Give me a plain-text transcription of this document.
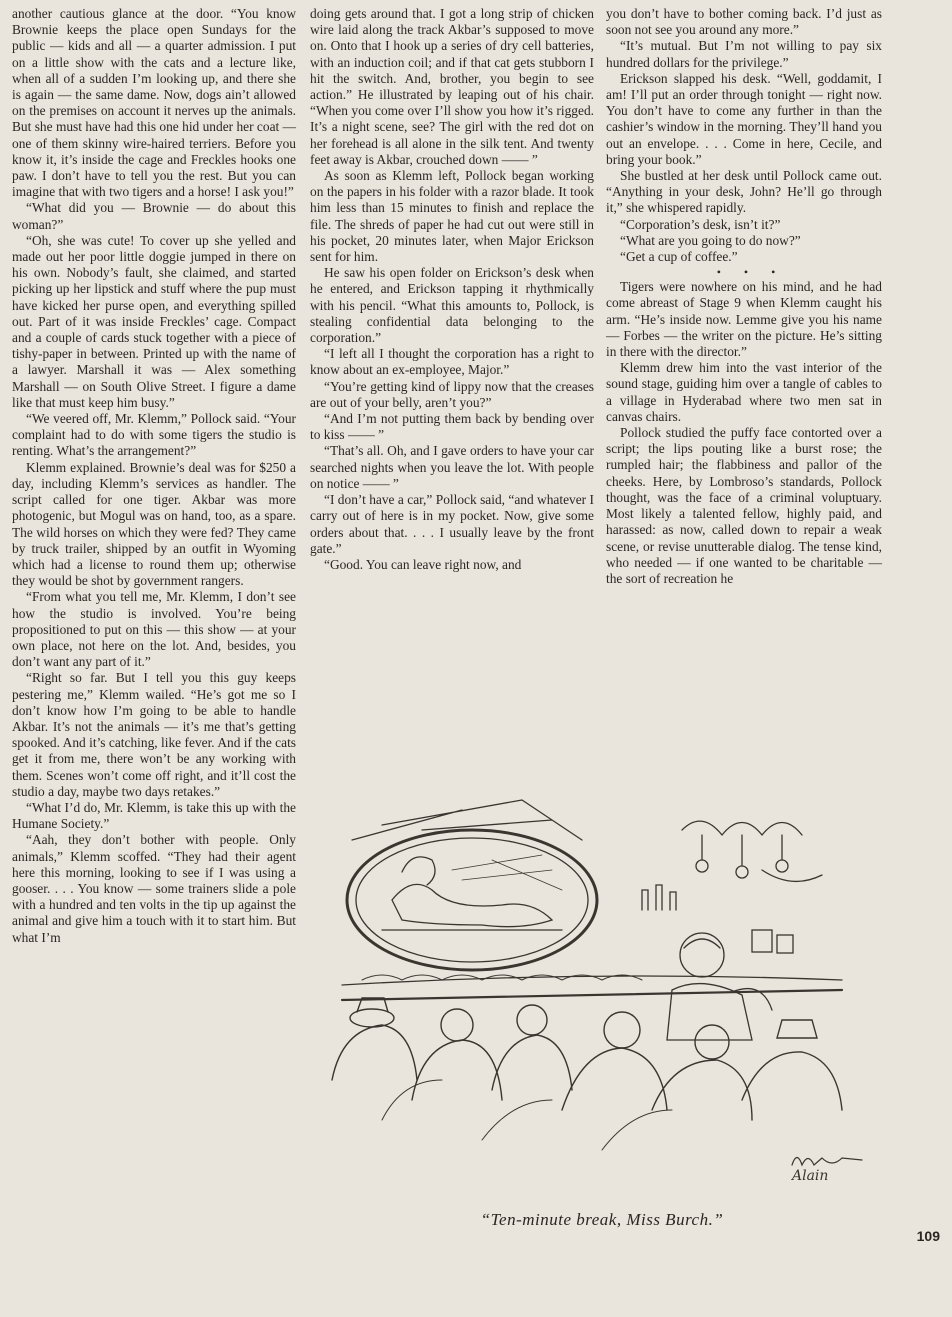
another cautious glance at the door. “You know Brownie keeps the place open Sundays for the public — kids and all — a quarter admission. I put on a little show with the cats and a lecture like, when all of a sudden I’m looking up, and there she is again — the same dame. Now, dogs ain’t allowed on the premises on account it nerves up the animals. But she must have had this one hid under her coat — one of them skinny wire-haired terriers. Before you know it, it’s inside the cage and Freckles hooks one paw. I don’t have to tell you the rest. But you can imagine that with two tigers and a horse! I ask you!”

“What did you — Brownie — do about this woman?”

“Oh, she was cute! To cover up she yelled and made out her poor little doggie jumped in there on his own. Nobody’s fault, she claimed, and started picking up her lipstick and stuff where the pup must have kicked her purse open, and everything spilled out. Part of it was inside Freckles’ cage. Compact and a couple of cards stuck together with a piece of tishy-paper in between. Printed up with the name of a lawyer. Marshall it was — Alex something Marshall — on South Olive Street. I figure a dame like that must keep him busy.”

“We veered off, Mr. Klemm,” Pollock said. “Your complaint had to do with some tigers the studio is renting. What’s the arrangement?”

Klemm explained. Brownie’s deal was for $250 a day, including Klemm’s services as handler. The script called for one tiger. Akbar was more photogenic, but Mogul was on hand, too, as a spare. The wild horses on which they were fed? They came by truck trailer, shipped by an outfit in Wyoming which had a license to round them up; otherwise they would be shot by government rangers.

“From what you tell me, Mr. Klemm, I don’t see how the studio is involved. You’re being propositioned to put on this — this show — at your own place, not here on the lot. And, besides, you don’t want any part of it.”

“Right so far. But I tell you this guy keeps pestering me,” Klemm wailed. “He’s got me so I don’t know how I’m going to be able to handle Akbar. It’s not the animals — it’s me that’s getting spooked. And it’s catching, like fever. And if the cats get it from me, there won’t be any working with them. Scenes won’t come off right, and it’ll cost the studio a day, maybe two days retakes.”

“What I’d do, Mr. Klemm, is take this up with the Humane Society.”

“Aah, they don’t bother with people. Only animals,” Klemm scoffed. “They had their agent here this morning, looking to see if I was using a gooser. . . . You know — some trainers slide a pole with a hundred and ten volts in the tip up against the animal and give him a touch with it to start him. But what I’m

doing gets around that. I got a long strip of chicken wire laid along the track Akbar’s supposed to move on. Onto that I hook up a series of dry cell batteries, with an induction coil; and if that cat gets stubborn I hit the switch. And, brother, you begin to see action.” He illustrated by leaping out of his chair. “When you come over I’ll show you how it’s rigged. It’s a night scene, see? The girl with the red dot on her forehead is all alone in the silk tent. And twenty feet away is Akbar, crouched down —— ”

As soon as Klemm left, Pollock began working on the papers in his folder with a razor blade. It took him less than 15 minutes to finish and replace the file. The shreds of paper he had cut out were still in his pocket, 20 minutes later, when Major Erickson sent for him.

He saw his open folder on Erickson’s desk when he entered, and Erickson tapping it rhythmically with his pencil. “What this amounts to, Pollock, is stealing confidential data belonging to the corporation.”

“I left all I thought the corporation has a right to know about an ex-employee, Major.”

“You’re getting kind of lippy now that the creases are out of your belly, aren’t you?”

“And I’m not putting them back by bending over to kiss —— ”

“That’s all. Oh, and I gave orders to have your car searched nights when you leave the lot. With people on notice —— ”

“I don’t have a car,” Pollock said, “and whatever I carry out of here is in my pocket. Now, give some orders about that. . . . I usually leave by the front gate.”

“Good. You can leave right now, and

you don’t have to bother coming back. I’d just as soon not see you around any more.”

“It’s mutual. But I’m not willing to pay six hundred dollars for the privilege.”

Erickson slapped his desk. “Well, goddamit, I am! I’ll put an order through tonight — right now. You don’t have to come any further in than the cashier’s window in the morning. They’ll hand you out an envelope. . . . Come in here, Cecile, and bring your book.”

She bustled at her desk until Pollock came out. “Anything in your desk, John? He’ll go through it,” she whispered rapidly.

“Corporation’s desk, isn’t it?”

“What are you going to do now?”

“Get a cup of coffee.”

• • •

Tigers were nowhere on his mind, and he had come abreast of Stage 9 when Klemm caught his arm. “He’s inside now. Lemme give you his name — Forbes — the writer on the picture. He’s sitting in there with the director.”

Klemm drew him into the vast interior of the sound stage, guiding him over a tangle of cables to a village in Hyderabad where two men sat in canvas chairs.

Pollock studied the puffy face contorted over a script; the lips pouting like a burst rose; the rumpled hair; the flabbiness and pallor of the cheeks. Here, by Lombroso’s standards, Pollock thought, was the face of a criminal voluptuary. Most likely a talented fellow, highly paid, and harassed: as now, called down to repair a weak scene, or revise unutterable dialog. The tense kind, who needed — if one wanted to be charitable — the sort of recreation he

Alain
“Ten-minute break, Miss Burch.”
109
